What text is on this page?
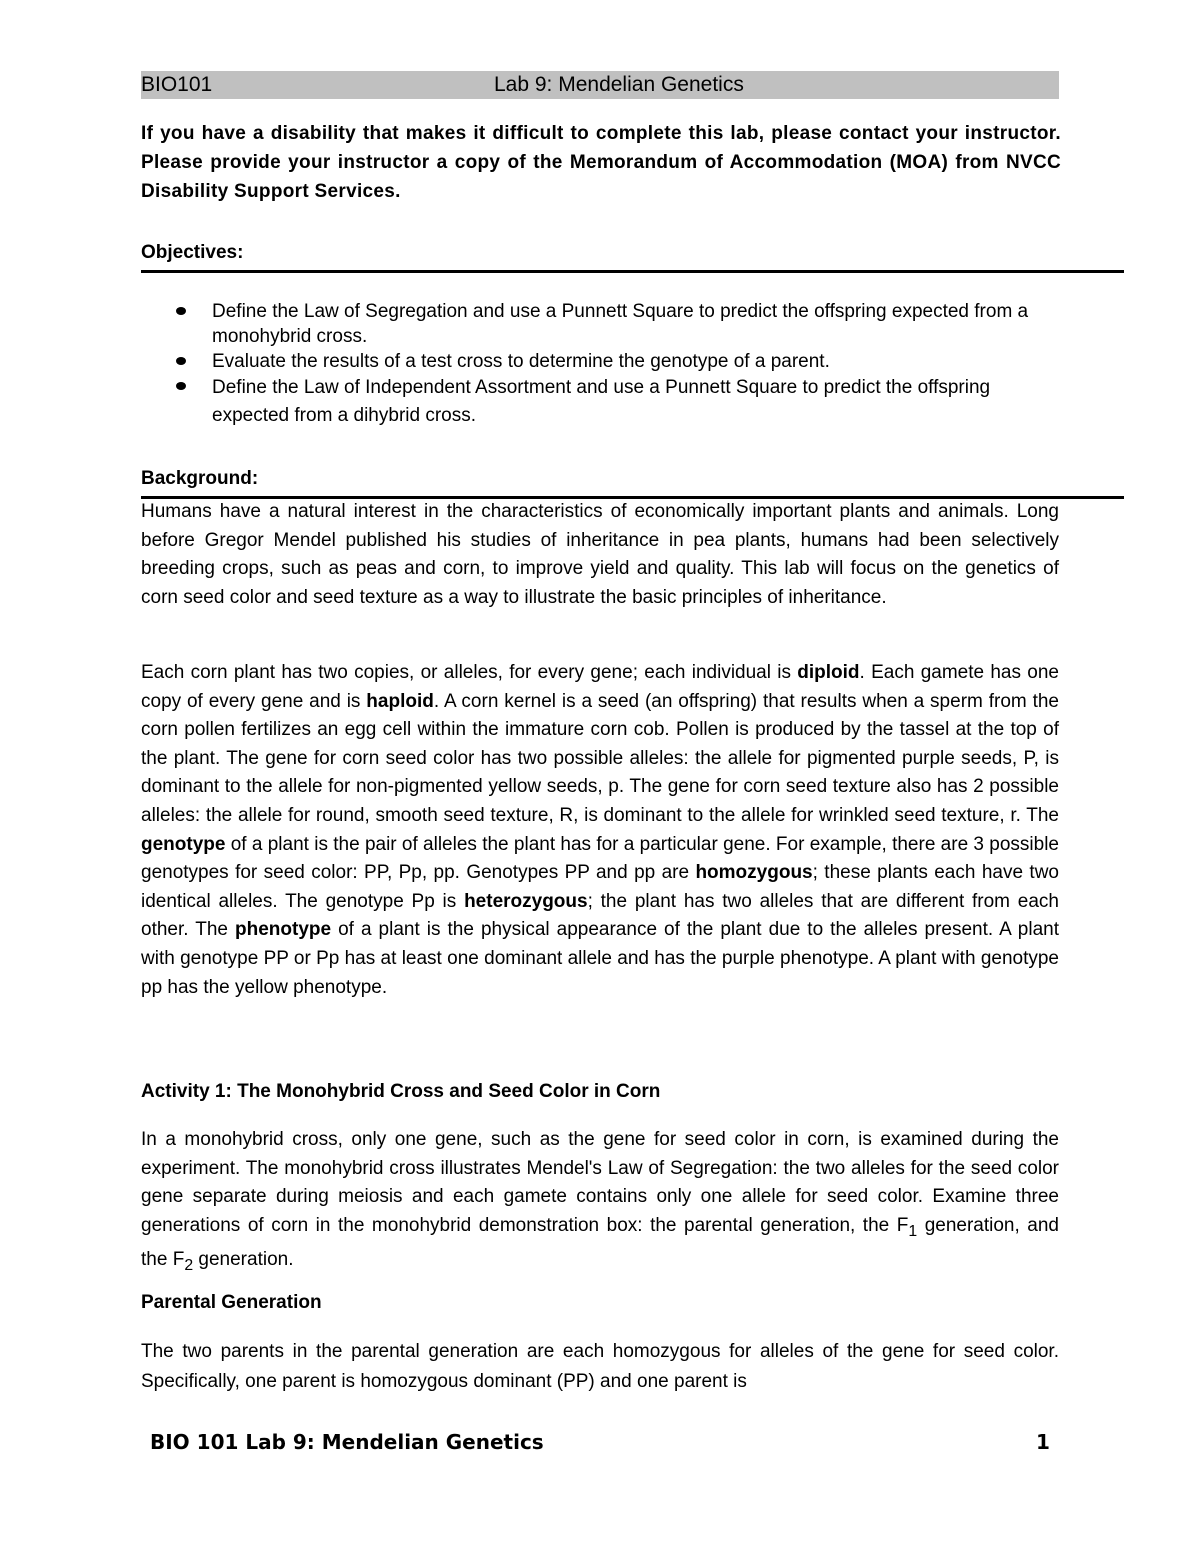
BIO101	Lab 9: Mendelian Genetics

If you have a disability that makes it difficult to complete this lab, please contact your instructor. Please provide your instructor a copy of the Memorandum of Accommodation (MOA) from NVCC Disability Support Services.

Objectives:

Define the Law of Segregation and use a Punnett Square to predict the offspring expected from a monohybrid cross.
Evaluate the results of a test cross to determine the genotype of a parent.
Define the Law of Independent Assortment and use a Punnett Square to predict the offspring expected from a dihybrid cross.

Background:

Humans have a natural interest in the characteristics of economically important plants and animals. Long before Gregor Mendel published his studies of inheritance in pea plants, humans had been selectively breeding crops, such as peas and corn, to improve yield and quality. This lab will focus on the genetics of corn seed color and seed texture as a way to illustrate the basic principles of inheritance.

Each corn plant has two copies, or alleles, for every gene; each individual is diploid. Each gamete has one copy of every gene and is haploid. A corn kernel is a seed (an offspring) that results when a sperm from the corn pollen fertilizes an egg cell within the immature corn cob. Pollen is produced by the tassel at the top of the plant. The gene for corn seed color has two possible alleles: the allele for pigmented purple seeds, P, is dominant to the allele for non-pigmented yellow seeds, p. The gene for corn seed texture also has 2 possible alleles: the allele for round, smooth seed texture, R, is dominant to the allele for wrinkled seed texture, r. The genotype of a plant is the pair of alleles the plant has for a particular gene. For example, there are 3 possible genotypes for seed color: PP, Pp, pp. Genotypes PP and pp are homozygous; these plants each have two identical alleles. The genotype Pp is heterozygous; the plant has two alleles that are different from each other. The phenotype of a plant is the physical appearance of the plant due to the alleles present. A plant with genotype PP or Pp has at least one dominant allele and has the purple phenotype. A plant with genotype pp has the yellow phenotype.

Activity 1: The Monohybrid Cross and Seed Color in Corn

In a monohybrid cross, only one gene, such as the gene for seed color in corn, is examined during the experiment. The monohybrid cross illustrates Mendel's Law of Segregation: the two alleles for the seed color gene separate during meiosis and each gamete contains only one allele for seed color. Examine three generations of corn in the monohybrid demonstration box: the parental generation, the $F_1$ generation, and the $F_2$ generation.

Parental Generation

The two parents in the parental generation are each homozygous for alleles of the gene for seed color. Specifically, one parent is homozygous dominant (PP) and one parent is

BIO 101 Lab 9: Mendelian Genetics	1
